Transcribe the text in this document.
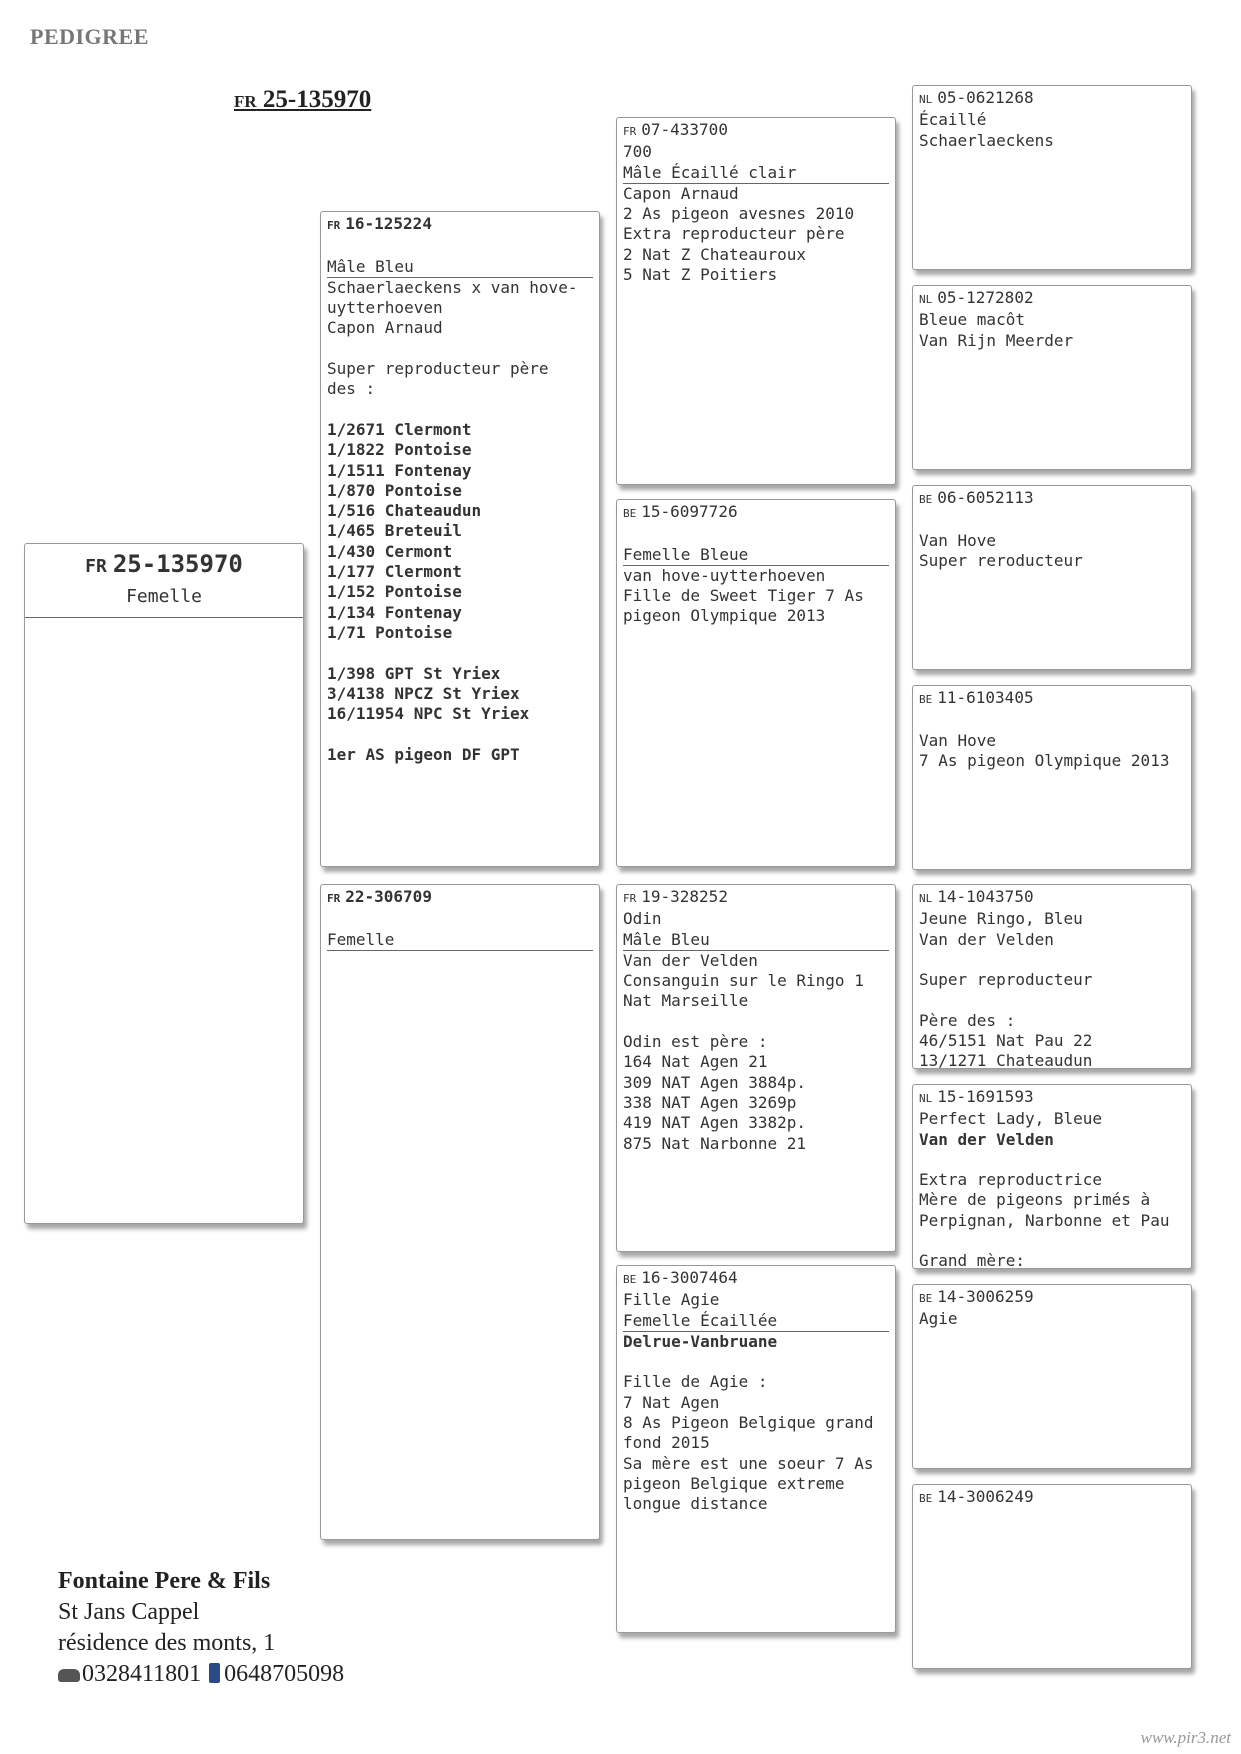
PEDIGREE
FR 25-135970
FR 25-135970
Femelle
FR 16-125224
Mâle Bleu
Schaerlaeckens x van hove-
uytterhoeven
Capon Arnaud
Super reproducteur père
des :
1/2671 Clermont
1/1822 Pontoise
1/1511 Fontenay
1/870 Pontoise
1/516 Chateaudun
1/465 Breteuil
1/430 Cermont
1/177 Clermont
1/152 Pontoise
1/134 Fontenay
1/71 Pontoise
1/398 GPT St Yriex
3/4138 NPCZ St Yriex
16/11954 NPC St Yriex
1er AS pigeon DF GPT
FR 22-306709
Femelle
FR 07-433700
700
Mâle Écaillé clair
Capon Arnaud
2 As pigeon avesnes 2010
Extra reproducteur père
2 Nat Z Chateauroux
5 Nat Z Poitiers
BE 15-6097726
Femelle Bleue
van hove-uytterhoeven
Fille de Sweet Tiger 7 As
pigeon Olympique 2013
FR 19-328252
Odin
Mâle Bleu
Van der Velden
Consanguin sur le Ringo 1
Nat Marseille
Odin est père :
164 Nat Agen 21
309 NAT Agen 3884p.
338 NAT Agen 3269p
419 NAT Agen 3382p.
875 Nat Narbonne 21
BE 16-3007464
Fille Agie
Femelle Écaillée
Delrue-Vanbruane
Fille de Agie :
7 Nat Agen
8 As Pigeon Belgique grand
fond 2015
Sa mère est une soeur 7 As
pigeon Belgique extreme
longue distance
NL 05-0621268
Écaillé
Schaerlaeckens
NL 05-1272802
Bleue macôt
Van Rijn Meerder
BE 06-6052113
Van Hove
Super reroducteur
BE 11-6103405
Van Hove
7 As pigeon Olympique 2013
NL 14-1043750
Jeune Ringo, Bleu
Van der Velden
Super reproducteur
Père des :
46/5151 Nat Pau 22
13/1271 Chateaudun
NL 15-1691593
Perfect Lady, Bleue
Van der Velden
Extra reproductrice
Mère de pigeons primés à
Perpignan, Narbonne et Pau
Grand mère:
BE 14-3006259
Agie
BE 14-3006249
Fontaine Pere & Fils
St Jans Cappel
résidence des monts, 1
0328411801 0648705098
www.pir3.net
